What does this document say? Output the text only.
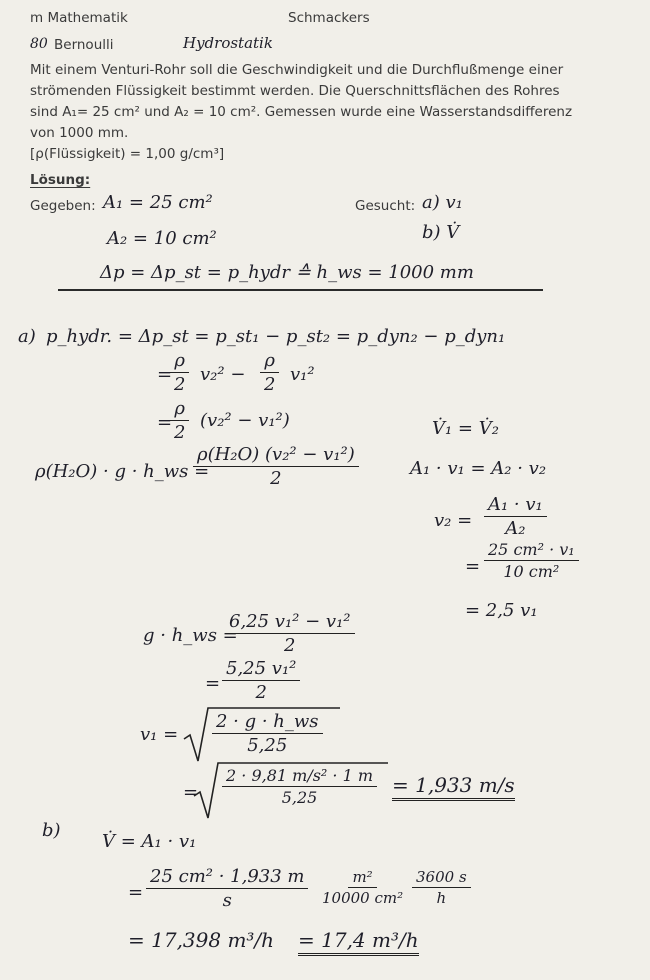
m Mathematik	Schmackers
80 Bernoulli	Hydrostatik
Mit einem Venturi-Rohr soll die Geschwindigkeit und die Durchflußmenge einer
strömenden Flüssigkeit bestimmt werden. Die Querschnittsflächen des Rohres
sind A₁= 25 cm² und A₂ = 10 cm². Gemessen wurde eine Wasserstandsdifferenz
von 1000 mm.
[ρ(Flüssigkeit) = 1,00 g/cm³]
Lösung:
Gegeben: A₁ = 25 cm²
A₂ = 10 cm²
Δp = Δp_st = p_hydr ≙ h_ws = 1000 mm
Gesucht: a) v₁
b) V̇
a) p_hydr. = Δp_st = p_st₁ − p_st₂ = p_dyn₂ − p_dyn₁
=
$\frac{\rho}{2} v_2^2 - \frac{\rho}{2} v_1^2$
=
$\frac{\rho}{2} (v_2^2 - v_1^2)$
ρ(H₂O) · g · h_ws =
$\frac{\text{ρ(H₂O) (v₂² − v₁²)}}{2}$
V̇₁ = V̇₂
A₁ · v₁ = A₂ · v₂
$v_2 = \frac{\text{A₁ · v₁}}{\text{A₂}}$
= $\frac{\text{25 cm² · v₁}}{\text{10 cm²}}$
= 2,5 v₁
g · h_ws =
$\frac{\text{6,25 v₁² − v₁²}}{2}$
= $\frac{\text{5,25 v₁²}}{2}$
$v_1 = \frac{2 \cdot g \cdot h\_ws}{5,25}$
= $\frac{\text{2 · 9,81 m/s² · 1 m}}{5,25} = 1,933$ m/s
b)
V̇ = A₁ · v₁
= $\frac{\text{25 cm² · 1,933 m}}{s} \frac{\text{m²}}{\text{10000 cm²}} \frac{3600 s}{h}$
= 17,398 m³/h = 17,4 m³/h
